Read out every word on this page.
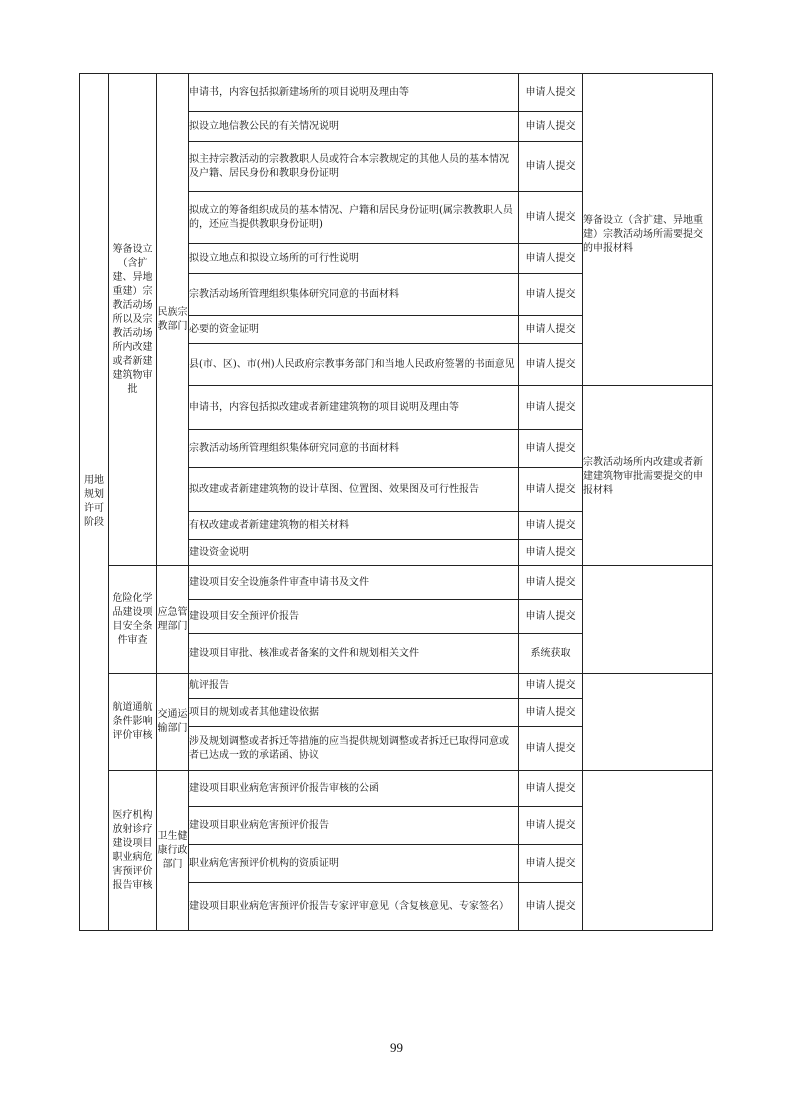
用地规划许可阶段	筹备设立（含扩建、异地重建）宗教活动场所以及宗教活动场所内改建或者新建建筑物审批	民族宗教部门	申请书，内容包括拟新建场所的项目说明及理由等	申请人提交	筹备设立（含扩建、异地重建）宗教活动场所需要提交的申报材料
			拟设立地信教公民的有关情况说明	申请人提交	
			拟主持宗教活动的宗教教职人员或符合本宗教规定的其他人员的基本情况及户籍、居民身份和教职身份证明	申请人提交	
			拟成立的筹备组织成员的基本情况、户籍和居民身份证明(属宗教教职人员的，还应当提供教职身份证明)	申请人提交	
			拟设立地点和拟设立场所的可行性说明	申请人提交	
			宗教活动场所管理组织集体研究同意的书面材料	申请人提交	
			必要的资金证明	申请人提交	
			县(市、区)、市(州)人民政府宗教事务部门和当地人民政府签署的书面意见	申请人提交	
			申请书，内容包括拟改建或者新建建筑物的项目说明及理由等	申请人提交	宗教活动场所内改建或者新建建筑物审批需要提交的申报材料
			宗教活动场所管理组织集体研究同意的书面材料	申请人提交	
			拟改建或者新建建筑物的设计草图、位置图、效果图及可行性报告	申请人提交	
			有权改建或者新建建筑物的相关材料	申请人提交	
			建设资金说明	申请人提交	
	危险化学品建设项目安全条件审查	应急管理部门	建设项目安全设施条件审查申请书及文件	申请人提交	
			建设项目安全预评价报告	申请人提交	
			建设项目审批、核准或者备案的文件和规划相关文件	系统获取	
	航道通航条件影响评价审核	交通运输部门	航评报告	申请人提交	
			项目的规划或者其他建设依据	申请人提交	
			涉及规划调整或者拆迁等措施的应当提供规划调整或者拆迁已取得同意或者已达成一致的承诺函、协议	申请人提交	
	医疗机构放射诊疗建设项目职业病危害预评价报告审核	卫生健康行政部门	建设项目职业病危害预评价报告审核的公函	申请人提交	
			建设项目职业病危害预评价报告	申请人提交	
			职业病危害预评价机构的资质证明	申请人提交	
			建设项目职业病危害预评价报告专家评审意见（含复核意见、专家签名）	申请人提交	
99
